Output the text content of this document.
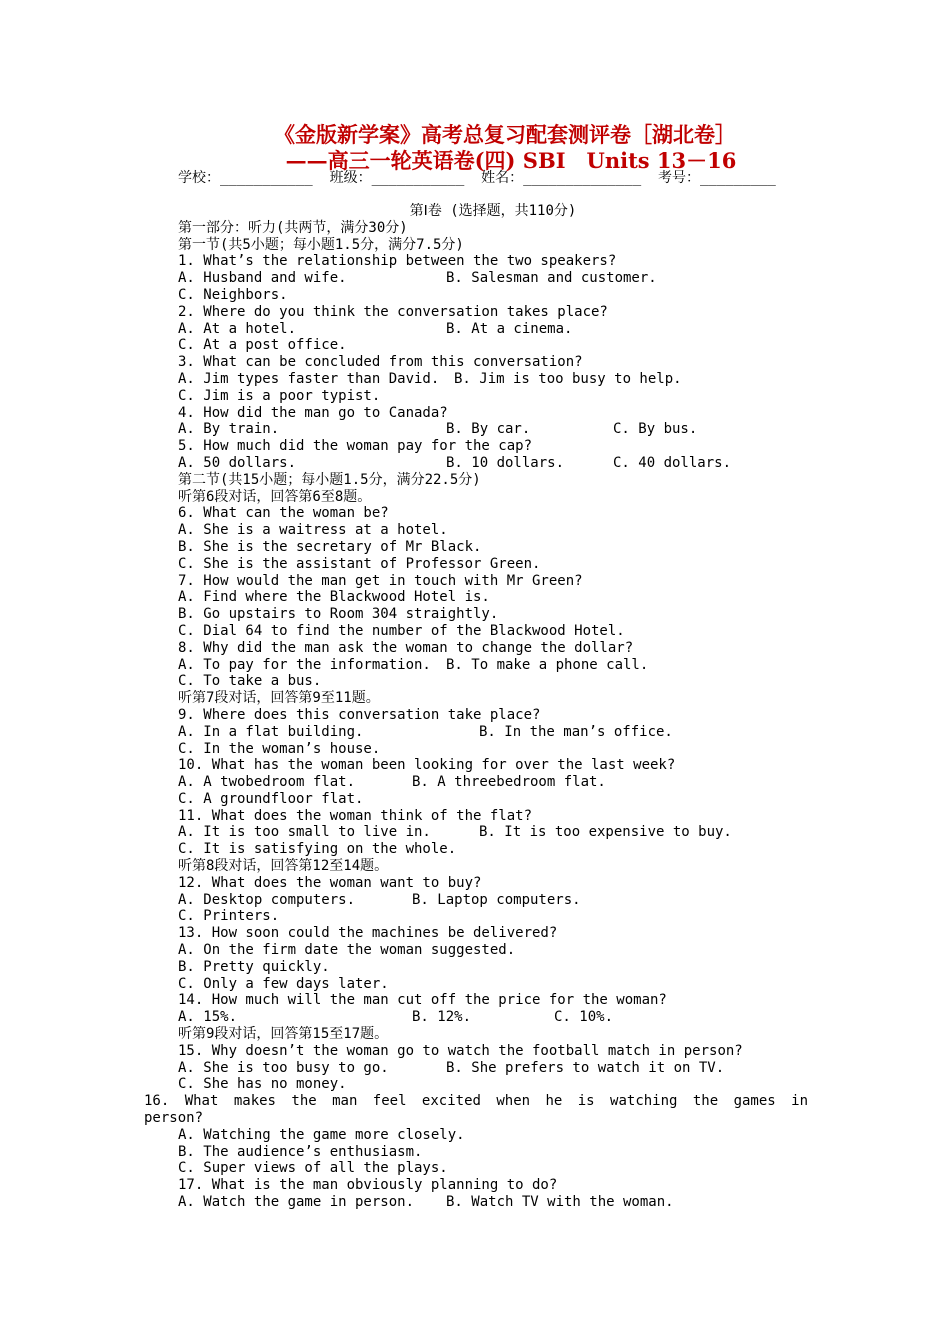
《金版新学案》高考总复习配套测评卷［湖北卷］
——高三一轮英语卷(四) SBⅠ　Units 13－16
学校：___________  班级：___________  姓名：______________  考号：_________
第Ⅰ卷 (选择题，共110分)
第一部分：听力(共两节，满分30分)
第一节(共5小题；每小题1.5分，满分7.5分)
1. What’s the relationship between the two speakers?
A. Husband and wife.	B. Salesman and customer.
C. Neighbors.
2. Where do you think the conversation takes place?
A. At a hotel.	B. At a cinema.
C. At a post office.
3. What can be concluded from this conversation?
A. Jim types faster than David.	B. Jim is too busy to help.
C. Jim is a poor typist.
4. How did the man go to Canada?
A. By train.	B. By car.	C. By bus.
5. How much did the woman pay for the cap?
A. 50 dollars.	B. 10 dollars.	C. 40 dollars.
第二节(共15小题；每小题1.5分，满分22.5分)
听第6段对话，回答第6至8题。
6. What can the woman be?
A. She is a waitress at a hotel.
B. She is the secretary of Mr Black.
C. She is the assistant of Professor Green.
7. How would the man get in touch with Mr Green?
A. Find where the Blackwood Hotel is.
B. Go upstairs to Room 304 straightly.
C. Dial 64 to find the number of the Blackwood Hotel.
8. Why did the man ask the woman to change the dollar?
A. To pay for the information.	B. To make a phone call.
C. To take a bus.
听第7段对话，回答第9至11题。
9. Where does this conversation take place?
A. In a flat building.	B. In the man’s office.
C. In the woman’s house.
10. What has the woman been looking for over the last week?
A. A twobedroom flat.	B. A threebedroom flat.
C. A groundfloor flat.
11. What does the woman think of the flat?
A. It is too small to live in.	B. It is too expensive to buy.
C. It is satisfying on the whole.
听第8段对话，回答第12至14题。
12. What does the woman want to buy?
A. Desktop computers.	B. Laptop computers.
C. Printers.
13. How soon could the machines be delivered?
A. On the firm date the woman suggested.
B. Pretty quickly.
C. Only a few days later.
14. How much will the man cut off the price for the woman?
A. 15%.	B. 12%.	C. 10%.
听第9段对话，回答第15至17题。
15. Why doesn’t the woman go to watch the football match in person?
A. She is too busy to go.	B. She prefers to watch it on TV.
C. She has no money.
16. What makes the man feel excited when he is watching the games in
person?
A. Watching the game more closely.
B. The audience’s enthusiasm.
C. Super views of all the plays.
17. What is the man obviously planning to do?
A. Watch the game in person.	B. Watch TV with the woman.
